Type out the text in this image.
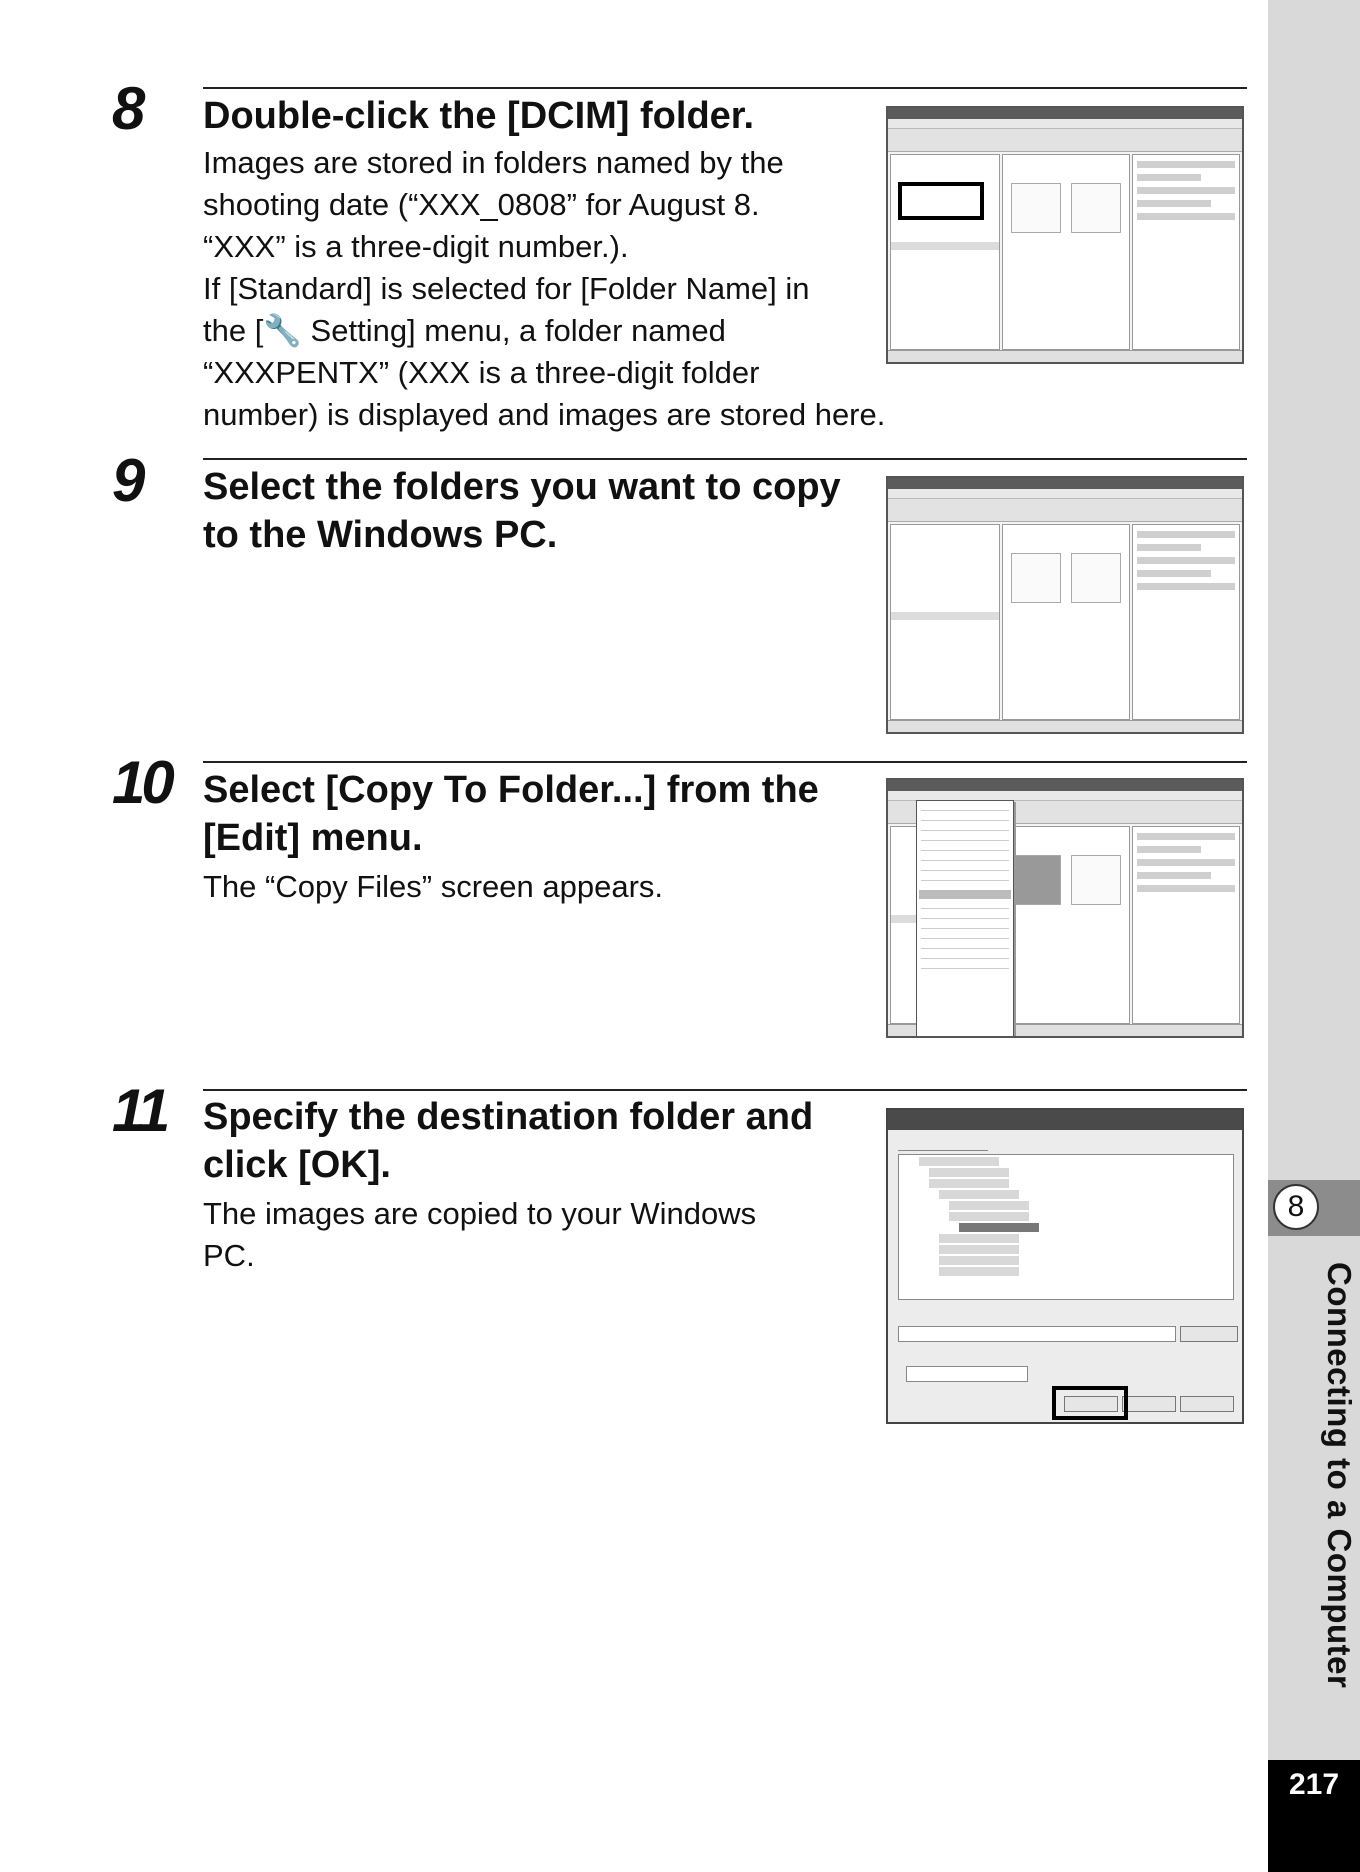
8
Connecting to a Computer
217
8 Double-click the [DCIM] folder.

Images are stored in folders named by the

shooting date (“XXX_0808” for August 8.

“XXX” is a three-digit number.).

If [Standard] is selected for [Folder Name] in

the [🔧 Setting] menu, a folder named

“XXXPENTX” (XXX is a three-digit folder

number) is displayed and images are stored here.

9 Select the folders you want to copy
to the Windows PC.
10 Select [Copy To Folder...] from the
[Edit] menu.

The “Copy Files” screen appears.

11 Specify the destination folder and
click [OK].

The images are copied to your Windows

PC.
